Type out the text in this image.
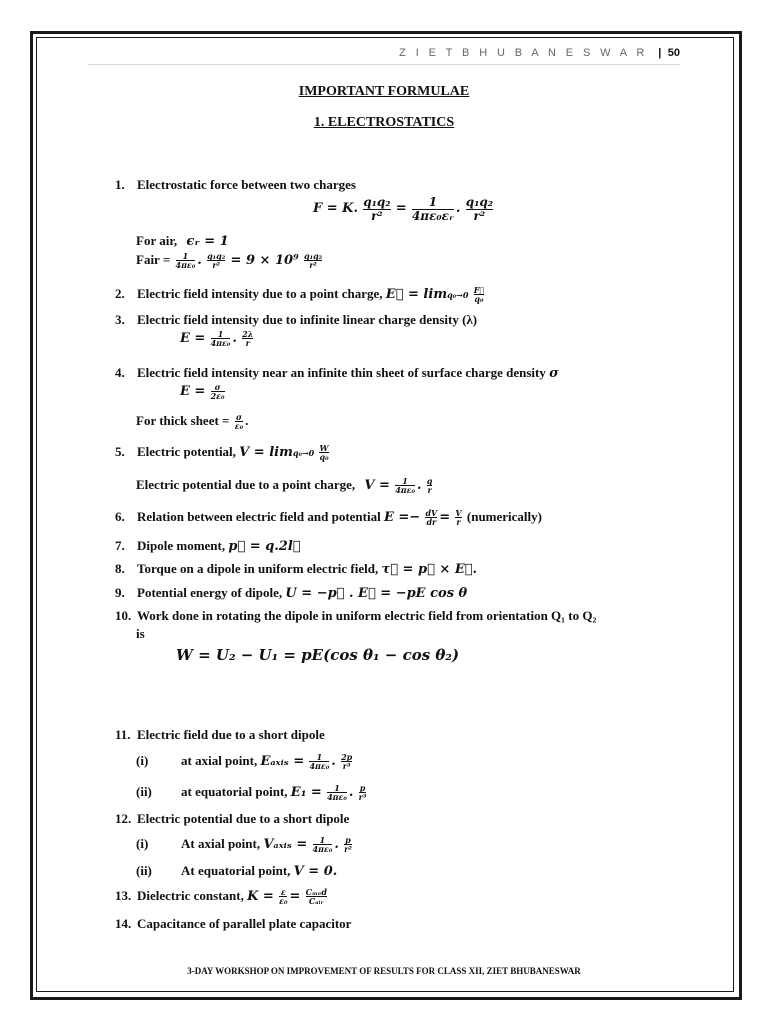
Z I E T B H U B A N E S W A R | 50
IMPORTANT FORMULAE
1. ELECTROSTATICS
1. Electrostatic force between two charges
F = K. $\frac{\text{q₁q₂}}{\text{r²}} = \frac{1}{\text{4πε₀εᵣ}}$ . $\frac{\text{q₁q₂}}{\text{r²}}$
For air, ϵᵣ = 1
Fair = $\frac{1}{\text{4πε₀}}$ . $\frac{\text{q₁q₂}}{\text{r²}} = 9 \times 10^9 \frac{\text{q₁q₂}}{\text{r²}}$
2. Electric field intensity due to a point charge, E⃗ = $\lim q_0\to 0 \frac{F⃗}{\text{q₀}}$
3. Electric field intensity due to infinite linear charge density (λ)
$E = \frac{1}{\text{4πε₀}}$ . $\frac{2\lambda}{r}$
4. Electric field intensity near an infinite thin sheet of surface charge density σ
$E = \frac{\sigma}{\text{2ε₀}}$
For thick sheet = $\frac{\sigma}{\text{ε₀}}$ .
5. Electric potential, $V = \lim q_0\to 0 \frac{W}{\text{q₀}}$
Electric potential due to a point charge, $V = \frac{1}{\text{4πε₀}}$ . $\frac{q}{r}$
6. Relation between electric field and potential $E =- \frac{dV}{dr} = \frac{V}{r}$ (numerically)
7. Dipole moment, p⃗ = q.2l⃗
8. Torque on a dipole in uniform electric field, τ⃗ = p⃗ × E⃗.
9. Potential energy of dipole, U = −p⃗ . E⃗ = −pE cos θ
10. Work done in rotating the dipole in uniform electric field from orientation Q₁ to Q₂
is
W = U₂ − U₁ = pE(cos θ₁ − cos θ₂)
11. Electric field due to a short dipole
(i)	at axial point, Eₐₓᵢₛ = $\frac{1}{\text{4πε₀}}$ . $\frac{2p}{\text{r³}}$
(ii) at equatorial point, $E_1 = \frac{1}{\text{4πε₀}}$ . $\frac{p}{\text{r³}}$
12. Electric potential due to a short dipole
(i)	At axial point, Vₐₓᵢₛ = $\frac{1}{\text{4πε₀}}$ . $\frac{p}{\text{r²}}$
(ii) At equatorial point, V = 0.
13. Dielectric constant, $K = \frac{\varepsilon}{\text{ε₀}} = \frac{\text{Cₘₑd}}{\text{Cₐᵢᵣ}}$
14. Capacitance of parallel plate capacitor
3-DAY WORKSHOP ON IMPROVEMENT OF RESULTS FOR CLASS XII, ZIET BHUBANESWAR
